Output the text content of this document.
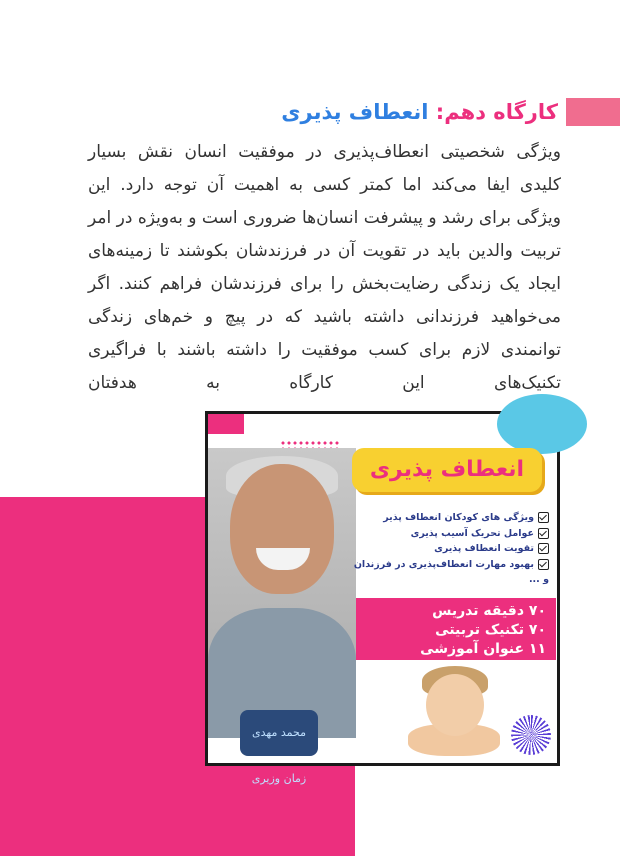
کارگاه دهم: انعطاف پذیری
ویژگی شخصیتی انعطاف‌پذیری در موفقیت انسان نقش بسیار کلیدی ایفا می‌کند اما کمتر کسی به اهمیت آن توجه دارد. این ویژگی برای رشد و پیشرفت انسان‌ها ضروری است و به‌ویژه در امر تربیت والدین باید در تقویت آن در فرزندشان بکوشند تا زمینه‌های ایجاد یک زندگی رضایت‌بخش را برای فرزندشان فراهم کنند. اگر می‌خواهید فرزندانی داشته باشید که در پیچ و خم‌های زندگی توانمندی لازم برای کسب موفقیت را داشته باشند با فراگیری تکنیک‌های این کارگاه به هدفتان
محمد مهدی زمان وزیری
انعطاف پذیری
ویژگی های کودکان انعطاف پذیر
عوامل تحریک آسیب پذیری
تقویت انعطاف پذیری
بهبود مهارت انعطاف‌پذیری در فرزندان
و ...
۷۰ دقیقه تدریس
۷۰ تکنیک تربیتی
۱۱ عنوان آموزشی
